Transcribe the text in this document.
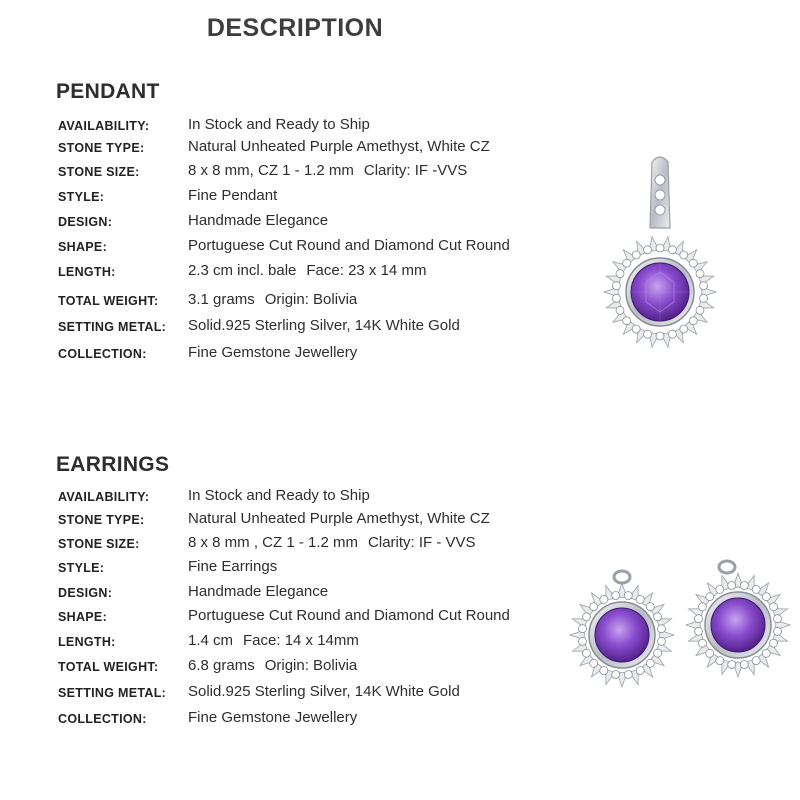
DESCRIPTION
PENDANT
AVAILABILITY:	In Stock and Ready to Ship
STONE TYPE:	Natural Unheated Purple Amethyst, White CZ
STONE SIZE:	8 x 8 mm, CZ 1 - 1.2 mm Clarity: IF -VVS
STYLE:	Fine Pendant
DESIGN:	Handmade Elegance
SHAPE:	Portuguese Cut Round and Diamond Cut Round
LENGTH:	2.3 cm incl. bale Face: 23 x 14 mm
TOTAL WEIGHT: 3.1 grams Origin: Bolivia
SETTING METAL: Solid.925 Sterling Silver, 14K White Gold
COLLECTION:	Fine Gemstone Jewellery
EARRINGS
AVAILABILITY:	In Stock and Ready to Ship
STONE TYPE:	Natural Unheated Purple Amethyst, White CZ
STONE SIZE:	8 x 8 mm , CZ 1 - 1.2 mm Clarity: IF - VVS
STYLE:	Fine Earrings
DESIGN:	Handmade Elegance
SHAPE:	Portuguese Cut Round and Diamond Cut Round
LENGTH:	1.4 cm Face: 14 x 14mm
TOTAL WEIGHT: 6.8 grams Origin: Bolivia
SETTING METAL: Solid.925 Sterling Silver, 14K White Gold
COLLECTION:	Fine Gemstone Jewellery
